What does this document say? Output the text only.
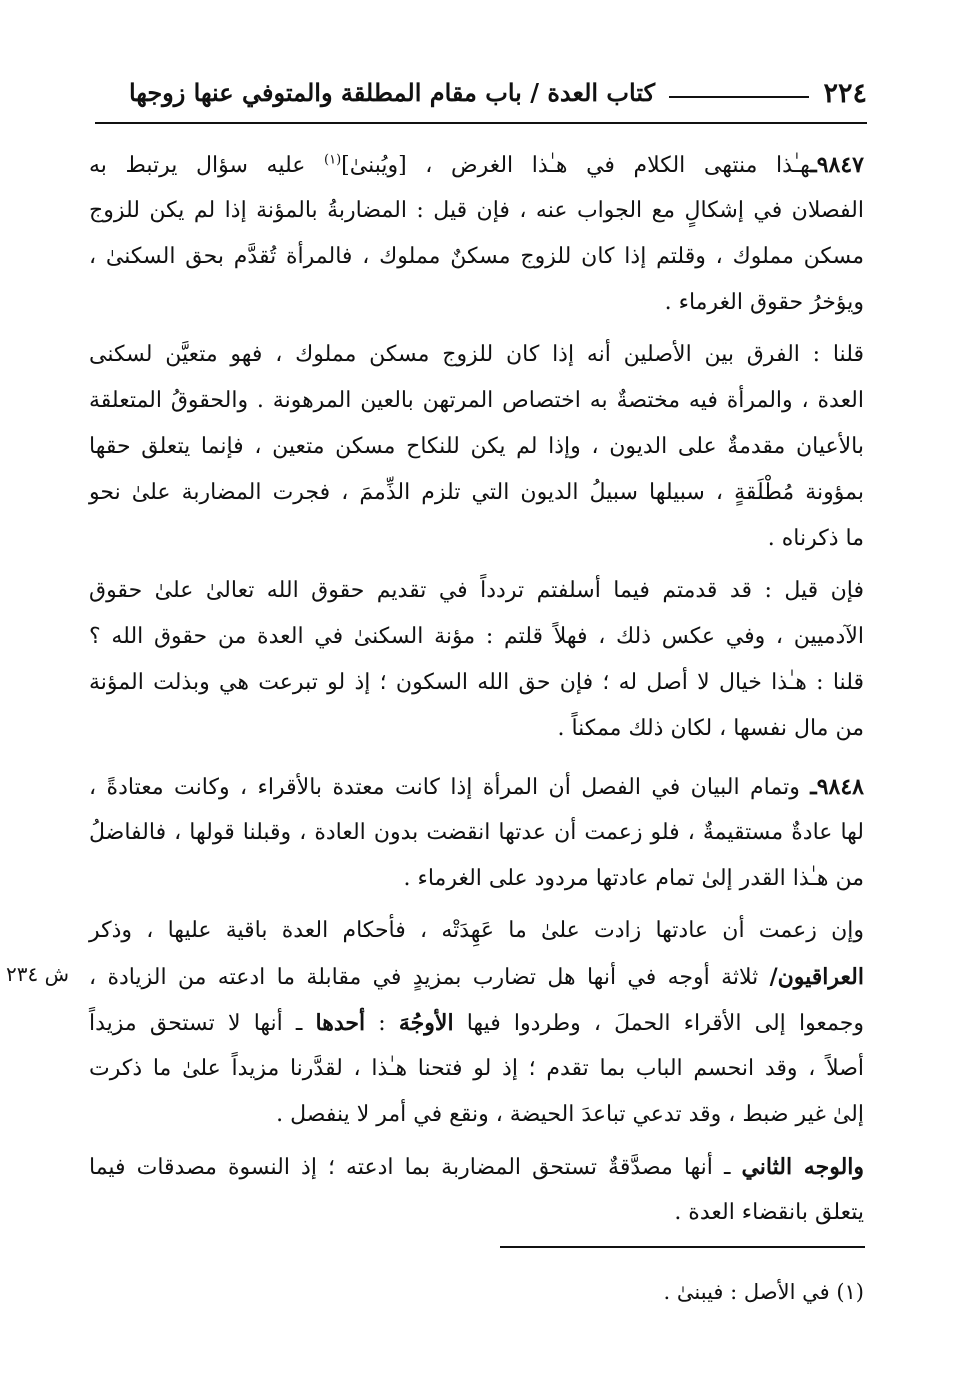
٢٢٤
كتاب العدة / باب مقام المطلقة والمتوفي عنها زوجها
٩٨٤٧ـهـٰذا منتهى الكلام في هـٰذا الغرض ، [ويُبنىٰ]$^{(١)}$ عليه سؤال يرتبط به
الفصلان في إشكالٍ مع الجواب عنه ، فإن قيل : المضاربةُ بالمؤنة إذا لم يكن للزوج
مسكن مملوك ، وقلتم إذا كان للزوج مسكنٌ مملوك ، فالمرأة تُقدَّم بحق السكنىٰ ،
ويؤخرُ حقوق الغرماء .
قلنا : الفرق بين الأصلين أنه إذا كان للزوج مسكن مملوك ، فهو متعيَّن لسكنى
العدة ، والمرأة فيه مختصةٌ به اختصاص المرتهن بالعين المرهونة . والحقوقُ المتعلقة
بالأعيان مقدمةٌ على الديون ، وإذا لم يكن للنكاح مسكن متعين ، فإنما يتعلق حقها
بمؤونة مُطْلَقةٍ ، سبيلها سبيلُ الديون التي تلزم الذِّممَ ، فجرت المضاربة علىٰ نحو
ما ذكرناه .
فإن قيل : قد قدمتم فيما أسلفتم تردداً في تقديم حقوق الله تعالىٰ علىٰ حقوق
الآدميين ، وفي عكس ذلك ، فهلاً قلتم : مؤنة السكنىٰ في العدة من حقوق الله ؟
قلنا : هـٰذا خيال لا أصل له ؛ فإن حق الله السكون ؛ إذ لو تبرعت هي وبذلت المؤنة
من مال نفسها ، لكان ذلك ممكناً .
٩٨٤٨ـ وتمام البيان في الفصل أن المرأة إذا كانت معتدة بالأقراء ، وكانت معتادةً ،
لها عادةٌ مستقيمةٌ ، فلو زعمت أن عدتها انقضت بدون العادة ، وقبلنا قولها ، فالفاضلُ
من هـٰذا القدر إلىٰ تمام عادتها مردود على الغرماء .
وإن زعمت أن عادتها زادت علىٰ ما عَهِدَتْه ، فأحكام العدة باقية عليها ، وذكر
العراقيون/ ثلاثة أوجه في أنها هل تضارب بمزيدٍ في مقابلة ما ادعته من الزيادة ،
وجمعوا إلى الأقراء الحملَ ، وطردوا فيها الأوجُهَ : أحدها ـ أنها لا تستحق مزيداً
أصلاً ، وقد انحسم الباب بما تقدم ؛ إذ لو فتحنا هـٰذا ، لقدَّرنا مزيداً علىٰ ما ذكرت
إلىٰ غير ضبط ، وقد تدعي تباعدَ الحيضة ، ونقع في أمر لا ينفصل .
والوجه الثاني ـ أنها مصدَّقةٌ تستحق المضاربة بما ادعته ؛ إذ النسوة مصدقات فيما
يتعلق بانقضاء العدة .
ش ٢٣٤
(١) في الأصل : فيبنىٰ .
